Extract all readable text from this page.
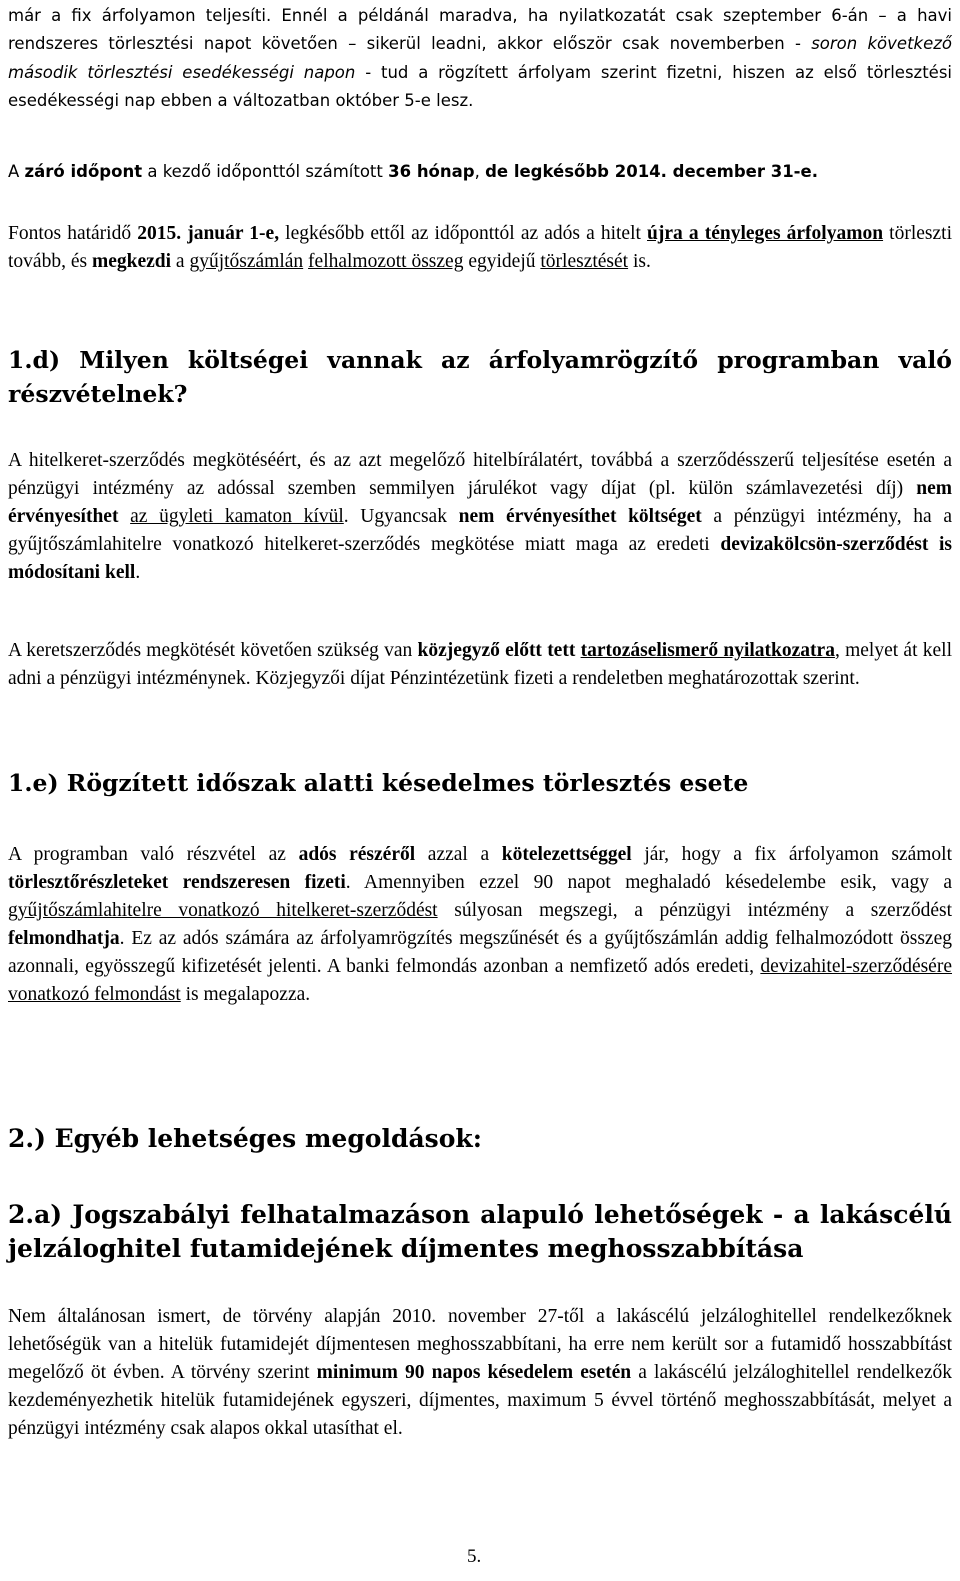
már a fix árfolyamon teljesíti. Ennél a példánál maradva, ha nyilatkozatát csak szeptember 6-án – a havi rendszeres törlesztési napot követően – sikerül leadni, akkor először csak novemberben - soron következő második törlesztési esedékességi napon - tud a rögzített árfolyam szerint fizetni, hiszen az első törlesztési esedékességi nap ebben a változatban október 5-e lesz.

A záró időpont a kezdő időponttól számított 36 hónap, de legkésőbb 2014. december 31-e.

Fontos határidő 2015. január 1-e, legkésőbb ettől az időponttól az adós a hitelt újra a tényleges árfolyamon törleszti tovább, és megkezdi a gyűjtőszámlán felhalmozott összeg egyidejű törlesztését is.

1.d) Milyen költségei vannak az árfolyamrögzítő programban való részvételnek?

A hitelkeret-szerződés megkötéséért, és az azt megelőző hitelbírálatért, továbbá a szerződésszerű teljesítése esetén a pénzügyi intézmény az adóssal szemben semmilyen járulékot vagy díjat (pl. külön számlavezetési díj) nem érvényesíthet az ügyleti kamaton kívül. Ugyancsak nem érvényesíthet költséget a pénzügyi intézmény, ha a gyűjtőszámlahitelre vonatkozó hitelkeret-szerződés megkötése miatt maga az eredeti devizakölcsön-szerződést is módosítani kell.

A keretszerződés megkötését követően szükség van közjegyző előtt tett tartozáselismerő nyilatkozatra, melyet át kell adni a pénzügyi intézménynek. Közjegyzői díjat Pénzintézetünk fizeti a rendeletben meghatározottak szerint.

1.e) Rögzített időszak alatti késedelmes törlesztés esete

A programban való részvétel az adós részéről azzal a kötelezettséggel jár, hogy a fix árfolyamon számolt törlesztőrészleteket rendszeresen fizeti. Amennyiben ezzel 90 napot meghaladó késedelembe esik, vagy a gyűjtőszámlahitelre vonatkozó hitelkeret-szerződést súlyosan megszegi, a pénzügyi intézmény a szerződést felmondhatja. Ez az adós számára az árfolyamrögzítés megszűnését és a gyűjtőszámlán addig felhalmozódott összeg azonnali, egyösszegű kifizetését jelenti. A banki felmondás azonban a nemfizető adós eredeti, devizahitel-szerződésére vonatkozó felmondást is megalapozza.

2.) Egyéb lehetséges megoldások:
2.a) Jogszabályi felhatalmazáson alapuló lehetőségek - a lakáscélú jelzáloghitel futamidejének díjmentes meghosszabbítása

Nem általánosan ismert, de törvény alapján 2010. november 27-től a lakáscélú jelzáloghitellel rendelkezőknek lehetőségük van a hitelük futamidejét díjmentesen meghosszabbítani, ha erre nem került sor a futamidő hosszabbítást megelőző öt évben. A törvény szerint minimum 90 napos késedelem esetén a lakáscélú jelzáloghitellel rendelkezők kezdeményezhetik hitelük futamidejének egyszeri, díjmentes, maximum 5 évvel történő meghosszabbítását, melyet a pénzügyi intézmény csak alapos okkal utasíthat el.

5.
